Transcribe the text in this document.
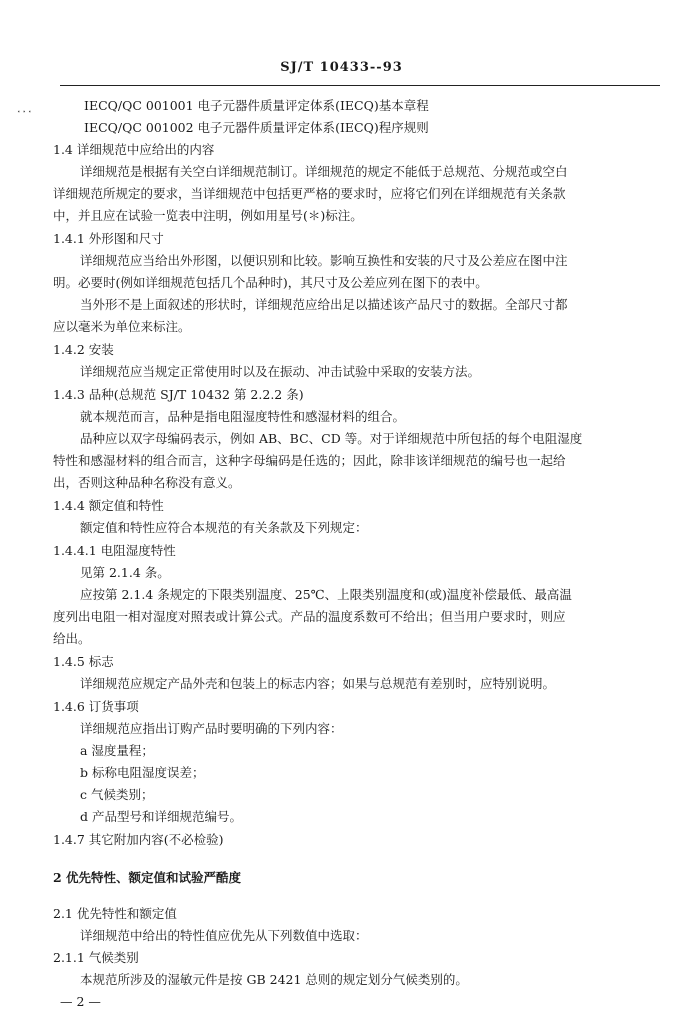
SJ/T 10433--93
⸼ ⸼ ⸼	IECQ/QC 001001 电子元器件质量评定体系(IECQ)基本章程
IECQ/QC 001002 电子元器件质量评定体系(IECQ)程序规则
1.4 详细规范中应给出的内容
详细规范是根据有关空白详细规范制订。详细规范的规定不能低于总规范、分规范或空白
详细规范所规定的要求，当详细规范中包括更严格的要求时，应将它们列在详细规范有关条款
中，并且应在试验一览表中注明，例如用星号(＊)标注。
1.4.1 外形图和尺寸
详细规范应当给出外形图，以便识别和比较。影响互换性和安装的尺寸及公差应在图中注
明。必要时(例如详细规范包括几个品种时)，其尺寸及公差应列在图下的表中。
当外形不是上面叙述的形状时，详细规范应给出足以描述该产品尺寸的数据。全部尺寸都
应以毫米为单位来标注。
1.4.2 安装
详细规范应当规定正常使用时以及在振动、冲击试验中采取的安装方法。
1.4.3 品种(总规范 SJ/T 10432 第 2.2.2 条)
就本规范而言，品种是指电阻湿度特性和感湿材料的组合。
品种应以双字母编码表示，例如 AB、BC、CD 等。对于详细规范中所包括的每个电阻湿度
特性和感湿材料的组合而言，这种字母编码是任选的；因此，除非该详细规范的编号也一起给
出，否则这种品种名称没有意义。
1.4.4 额定值和特性
额定值和特性应符合本规范的有关条款及下列规定：
1.4.4.1 电阻湿度特性
见第 2.1.4 条。
应按第 2.1.4 条规定的下限类别温度、25℃、上限类别温度和(或)温度补偿最低、最高温
度列出电阻一相对湿度对照表或计算公式。产品的温度系数可不给出；但当用户要求时，则应
给出。
1.4.5 标志
详细规范应规定产品外壳和包装上的标志内容；如果与总规范有差别时，应特别说明。
1.4.6 订货事项
详细规范应指出订购产品时要明确的下列内容：
a 湿度量程；
b 标称电阻湿度误差；
c 气候类别；
d 产品型号和详细规范编号。
1.4.7 其它附加内容(不必检验)
2 优先特性、额定值和试验严酷度
2.1 优先特性和额定值
详细规范中给出的特性值应优先从下列数值中选取：
2.1.1 气候类别
本规范所涉及的湿敏元件是按 GB 2421 总则的规定划分气候类别的。
— 2 —
